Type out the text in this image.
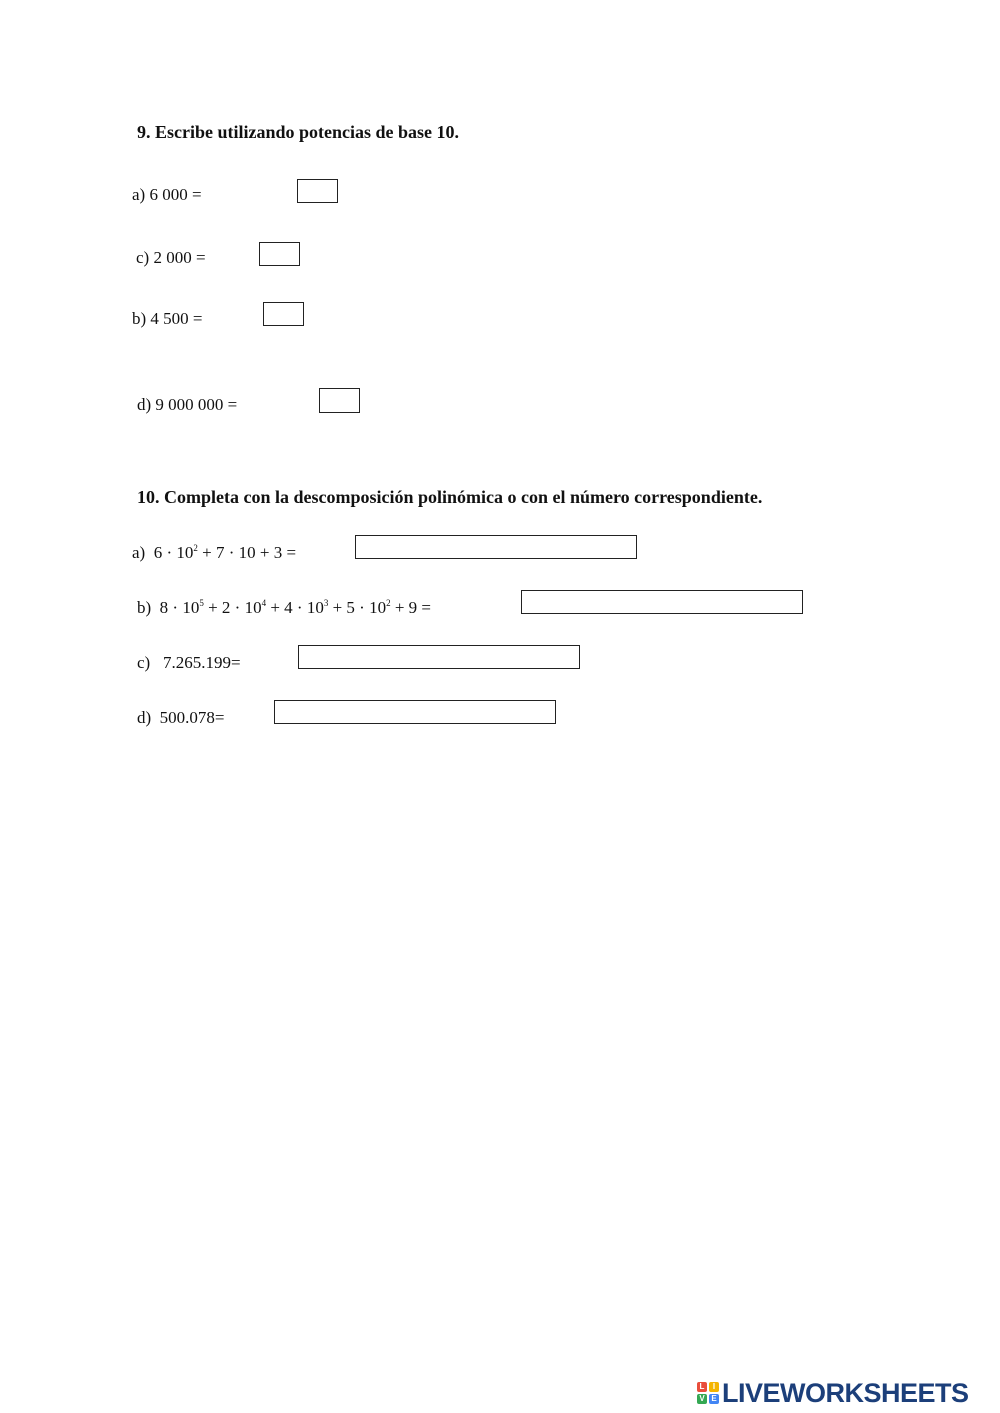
9. Escribe utilizando potencias de base 10.
a) 6 000 =
c) 2 000 =
b) 4 500 =
d) 9 000 000 =
10. Completa con la descomposición polinómica o con el número correspondiente.
a) $6 \cdot 10^2 + 7 \cdot 10 + 3$ =
b) $8 \cdot 10^5 + 2 \cdot 10^4 + 4 \cdot 10^3 + 5 \cdot 10^2 + 9$ =
c) 7.265.199=
d) 500.078=
L	I
V E LIVEWORKSHEETS
